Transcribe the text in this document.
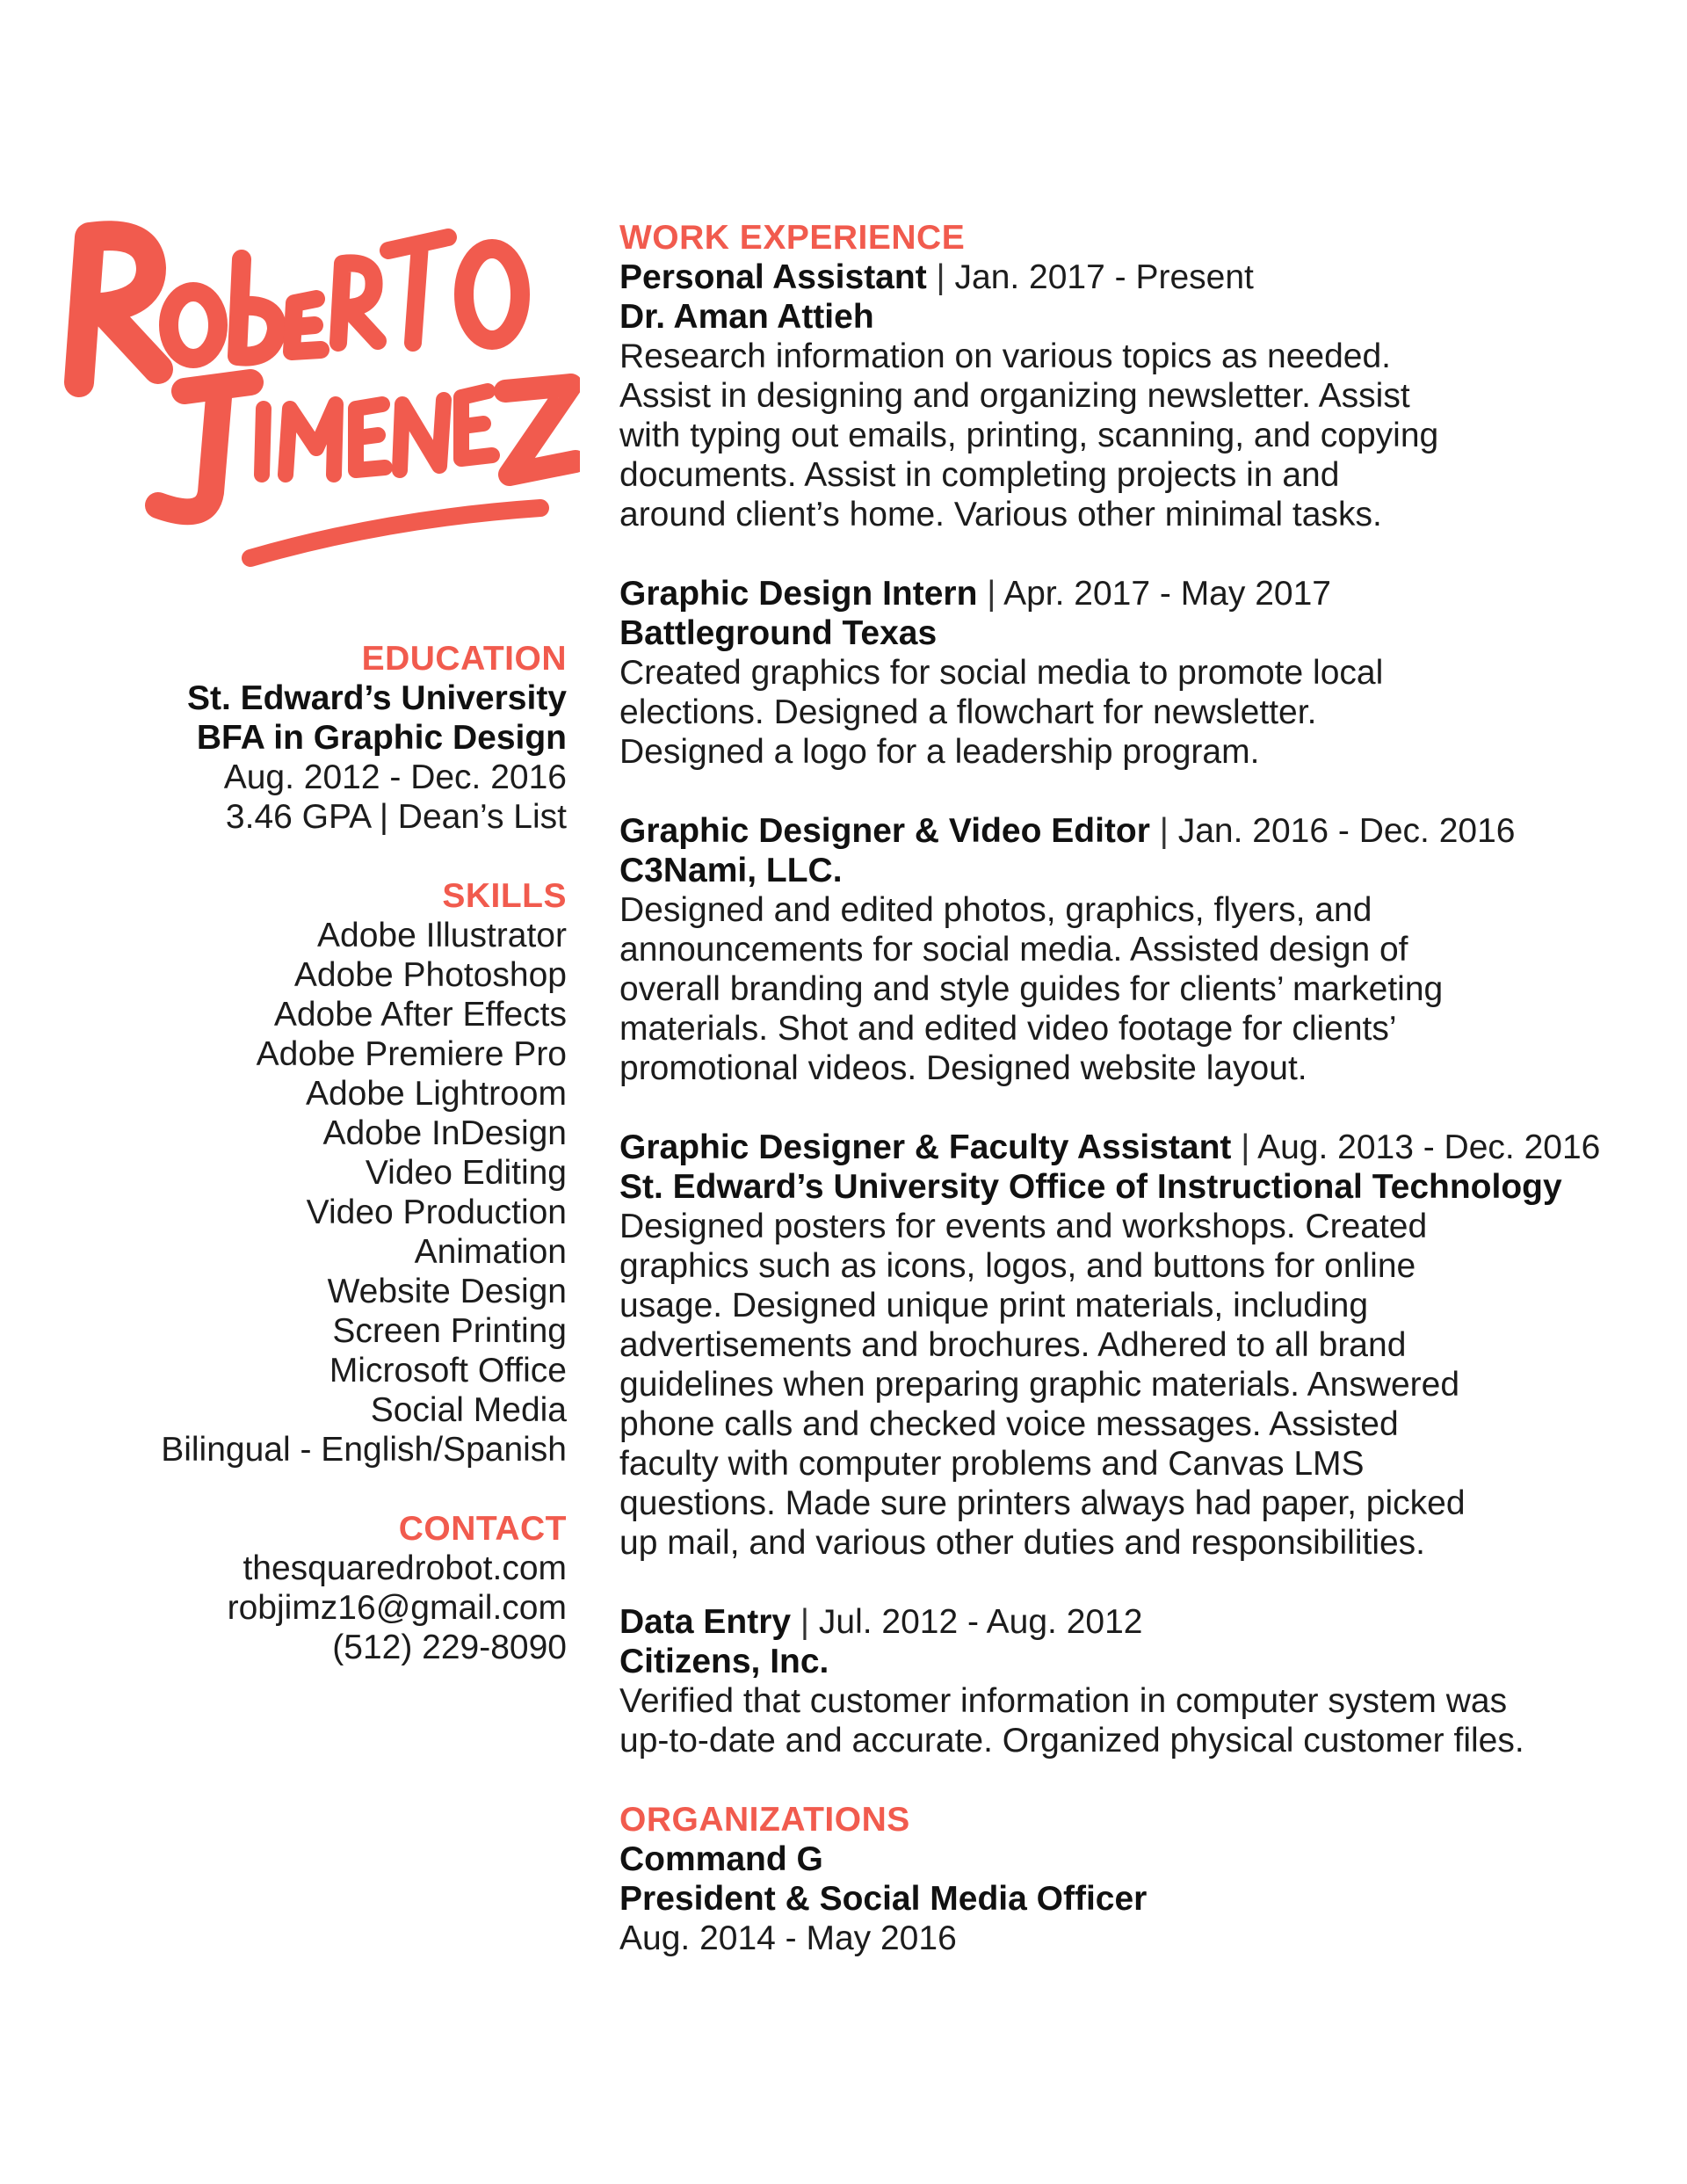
EDUCATION
St. Edward’s University
BFA in Graphic Design
Aug. 2012 - Dec. 2016
3.46 GPA | Dean’s List
SKILLS
Adobe Illustrator
Adobe Photoshop
Adobe After Effects
Adobe Premiere Pro
Adobe Lightroom
Adobe InDesign
Video Editing
Video Production
Animation
Website Design
Screen Printing
Microsoft Office
Social Media
Bilingual - English/Spanish
CONTACT
thesquaredrobot.com
robjimz16@gmail.com
(512) 229-8090
WORK EXPERIENCE
Personal Assistant | Jan. 2017 - Present
Dr. Aman Attieh
Research information on various topics as needed.
Assist in designing and organizing newsletter. Assist
with typing out emails, printing, scanning, and copying
documents. Assist in completing projects in and
around client’s home. Various other minimal tasks.
Graphic Design Intern | Apr. 2017 - May 2017
Battleground Texas
Created graphics for social media to promote local
elections. Designed a flowchart for newsletter.
Designed a logo for a leadership program.
Graphic Designer & Video Editor | Jan. 2016 - Dec. 2016
C3Nami, LLC.
Designed and edited photos, graphics, flyers, and
announcements for social media. Assisted design of
overall branding and style guides for clients’ marketing
materials. Shot and edited video footage for clients’
promotional videos. Designed website layout.
Graphic Designer & Faculty Assistant | Aug. 2013 - Dec. 2016
St. Edward’s University Office of Instructional Technology
Designed posters for events and workshops. Created
graphics such as icons, logos, and buttons for online
usage. Designed unique print materials, including
advertisements and brochures. Adhered to all brand
guidelines when preparing graphic materials. Answered
phone calls and checked voice messages. Assisted
faculty with computer problems and Canvas LMS
questions. Made sure printers always had paper, picked
up mail, and various other duties and responsibilities.
Data Entry | Jul. 2012 - Aug. 2012
Citizens, Inc.
Verified that customer information in computer system was
up-to-date and accurate. Organized physical customer files.
ORGANIZATIONS
Command G
President & Social Media Officer
Aug. 2014 - May 2016
